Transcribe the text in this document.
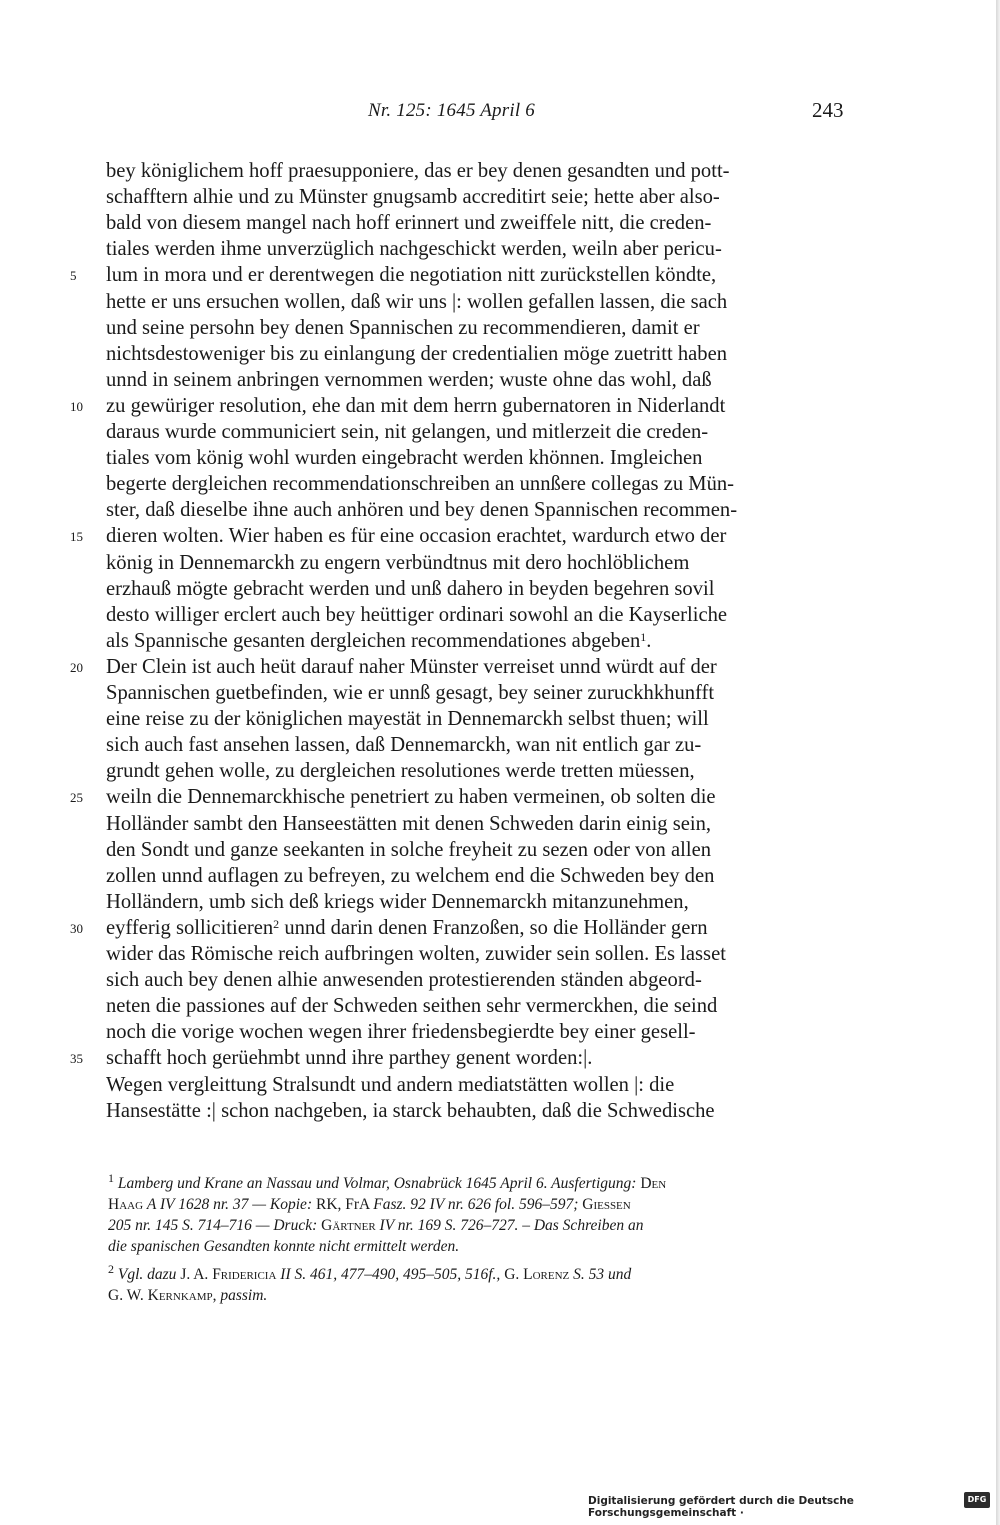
Nr. 125: 1645 April 6	243
bey königlichem hoff praesupponiere, das er bey denen gesandten und pott-
schafftern alhie und zu Münster gnugsamb accreditirt seie; hette aber also-
bald von diesem mangel nach hoff erinnert und zweiffele nitt, die creden-
tiales werden ihme unverzüglich nachgeschickt werden, weiln aber pericu-
5	lum in mora und er derentwegen die negotiation nitt zurückstellen köndte,
hette er uns ersuchen wollen, daß wir uns |: wollen gefallen lassen, die sach
und seine persohn bey denen Spannischen zu recommendieren, damit er
nichtsdestoweniger bis zu einlangung der credentialien möge zuetritt haben
unnd in seinem anbringen vernommen werden; wuste ohne das wohl, daß
10	zu gewüriger resolution, ehe dan mit dem herrn gubernatoren in Niderlandt
daraus wurde communiciert sein, nit gelangen, und mitlerzeit die creden-
tiales vom könig wohl wurden eingebracht werden khönnen. Imgleichen
begerte dergleichen recommendationschreiben an unnßere collegas zu Mün-
ster, daß dieselbe ihne auch anhören und bey denen Spannischen recommen-
15	dieren wolten. Wier haben es für eine occasion erachtet, wardurch etwo der
könig in Dennemarckh zu engern verbündtnus mit dero hochlöblichem
erzhauß mögte gebracht werden und unß dahero in beyden begehren sovil
desto williger erclert auch bey heüttiger ordinari sowohl an die Kayserliche
als Spannische gesanten dergleichen recommendationes abgeben$^1$.
20	Der Clein ist auch heüt darauf naher Münster verreiset unnd würdt auf der
Spannischen guetbefinden, wie er unnß gesagt, bey seiner zuruckhkhunfft
eine reise zu der königlichen mayestät in Dennemarckh selbst thuen; will
sich auch fast ansehen lassen, daß Dennemarckh, wan nit entlich gar zu-
grundt gehen wolle, zu dergleichen resolutiones werde tretten müessen,
25	weiln die Dennemarckhische penetriert zu haben vermeinen, ob solten die
Holländer sambt den Hanseestätten mit denen Schweden darin einig sein,
den Sondt und ganze seekanten in solche freyheit zu sezen oder von allen
zollen unnd auflagen zu befreyen, zu welchem end die Schweden bey den
Holländern, umb sich deß kriegs wider Dennemarckh mitanzunehmen,
30	eyfferig sollicitieren$^2$ unnd darin denen Franzoßen, so die Holländer gern
wider das Römische reich aufbringen wolten, zuwider sein sollen. Es lasset
sich auch bey denen alhie anwesenden protestierenden ständen abgeord-
neten die passiones auf der Schweden seithen sehr vermerckhen, die seind
noch die vorige wochen wegen ihrer friedensbegierdte bey einer gesell-
35	schafft hoch gerüehmbt unnd ihre parthey genent worden:|.
Wegen vergleittung Stralsundt und andern mediatstätten wollen |: die
Hansestätte :| schon nachgeben, ia starck behaubten, daß die Schwedische
$^1$ Lamberg und Krane an Nassau und Volmar, Osnabrück 1645 April 6. Ausfertigung: Den
Haag A IV 1628 nr. 37 — Kopie: RK, FrA Fasz. 92 IV nr. 626 fol. 596–597; Giessen
205 nr. 145 S. 714–716 — Druck: Gärtner IV nr. 169 S. 726–727. – Das Schreiben an
die spanischen Gesandten konnte nicht ermittelt werden.
$^2$ Vgl. dazu J. A. Fridericia II S. 461, 477–490, 495–505, 516f., G. Lorenz S. 53 und
G. W. Kernkamp, passim.
Digitalisierung gefördert durch die Deutsche Forschungsgemeinschaft ·
DFG
